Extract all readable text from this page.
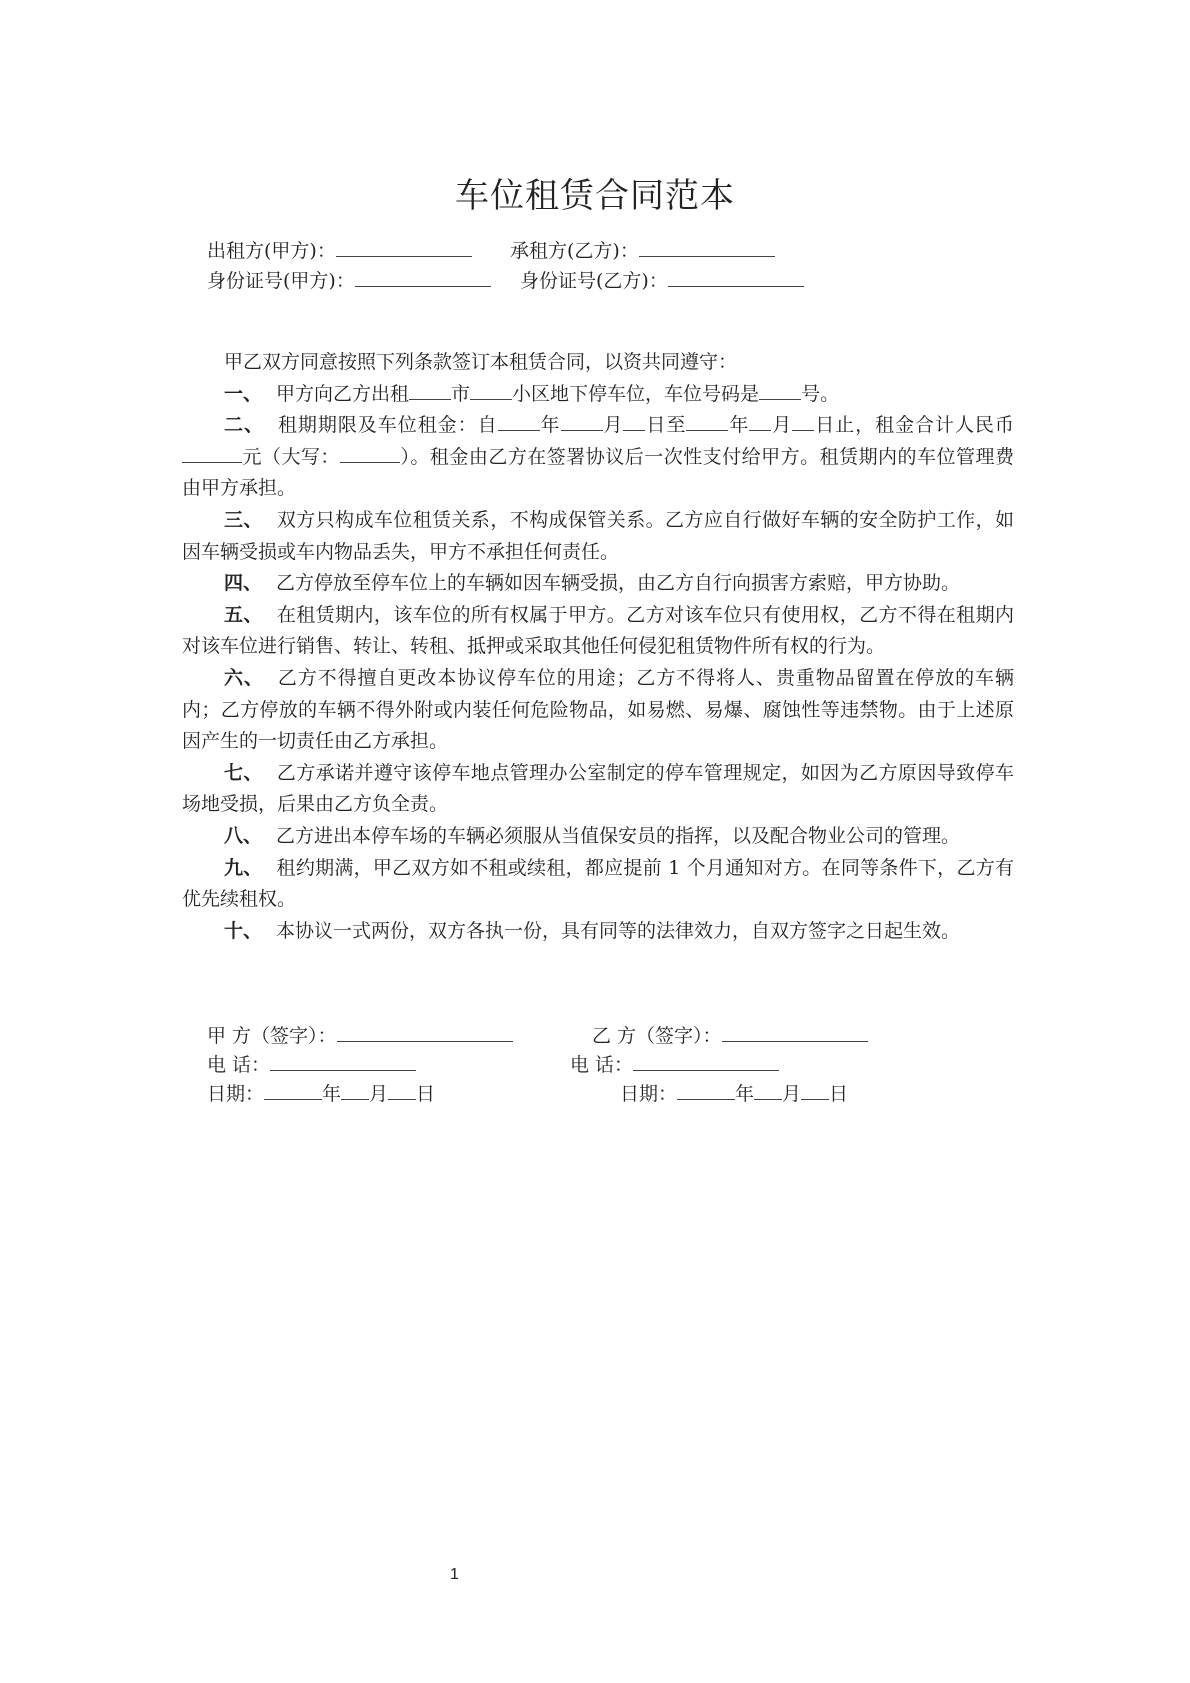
车位租赁合同范本
出租方(甲方)：	承租方(乙方)：
身份证号(甲方)：	身份证号(乙方)：

甲乙双方同意按照下列条款签订本租赁合同，以资共同遵守：

一、 甲方向乙方出租 市 小区地下停车位，车位号码是 号。

二、 租期期限及车位租金：自 年 月 日至 年 月 日止，租金合计人民币元（大写：	）。租金由乙方在签署协议后一次性支付给甲方。租赁期内的车位管理费由甲方承担。

三、 双方只构成车位租赁关系，不构成保管关系。乙方应自行做好车辆的安全防护工作，如因车辆受损或车内物品丢失，甲方不承担任何责任。

四、 乙方停放至停车位上的车辆如因车辆受损，由乙方自行向损害方索赔，甲方协助。

五、 在租赁期内，该车位的所有权属于甲方。乙方对该车位只有使用权，乙方不得在租期内对该车位进行销售、转让、转租、抵押或采取其他任何侵犯租赁物件所有权的行为。

六、 乙方不得擅自更改本协议停车位的用途；乙方不得将人、贵重物品留置在停放的车辆内；乙方停放的车辆不得外附或内装任何危险物品，如易燃、易爆、腐蚀性等违禁物。由于上述原因产生的一切责任由乙方承担。

七、 乙方承诺并遵守该停车地点管理办公室制定的停车管理规定，如因为乙方原因导致停车场地受损，后果由乙方负全责。

八、 乙方进出本停车场的车辆必须服从当值保安员的指挥，以及配合物业公司的管理。

九、 租约期满，甲乙双方如不租或续租，都应提前 1 个月通知对方。在同等条件下，乙方有优先续租权。

十、 本协议一式两份，双方各执一份，具有同等的法律效力，自双方签字之日起生效。

甲 方（签字）：	乙 方（签字）：
电 话：	电 话：
日期：	年 月 日	日期：	年 月 日
1
